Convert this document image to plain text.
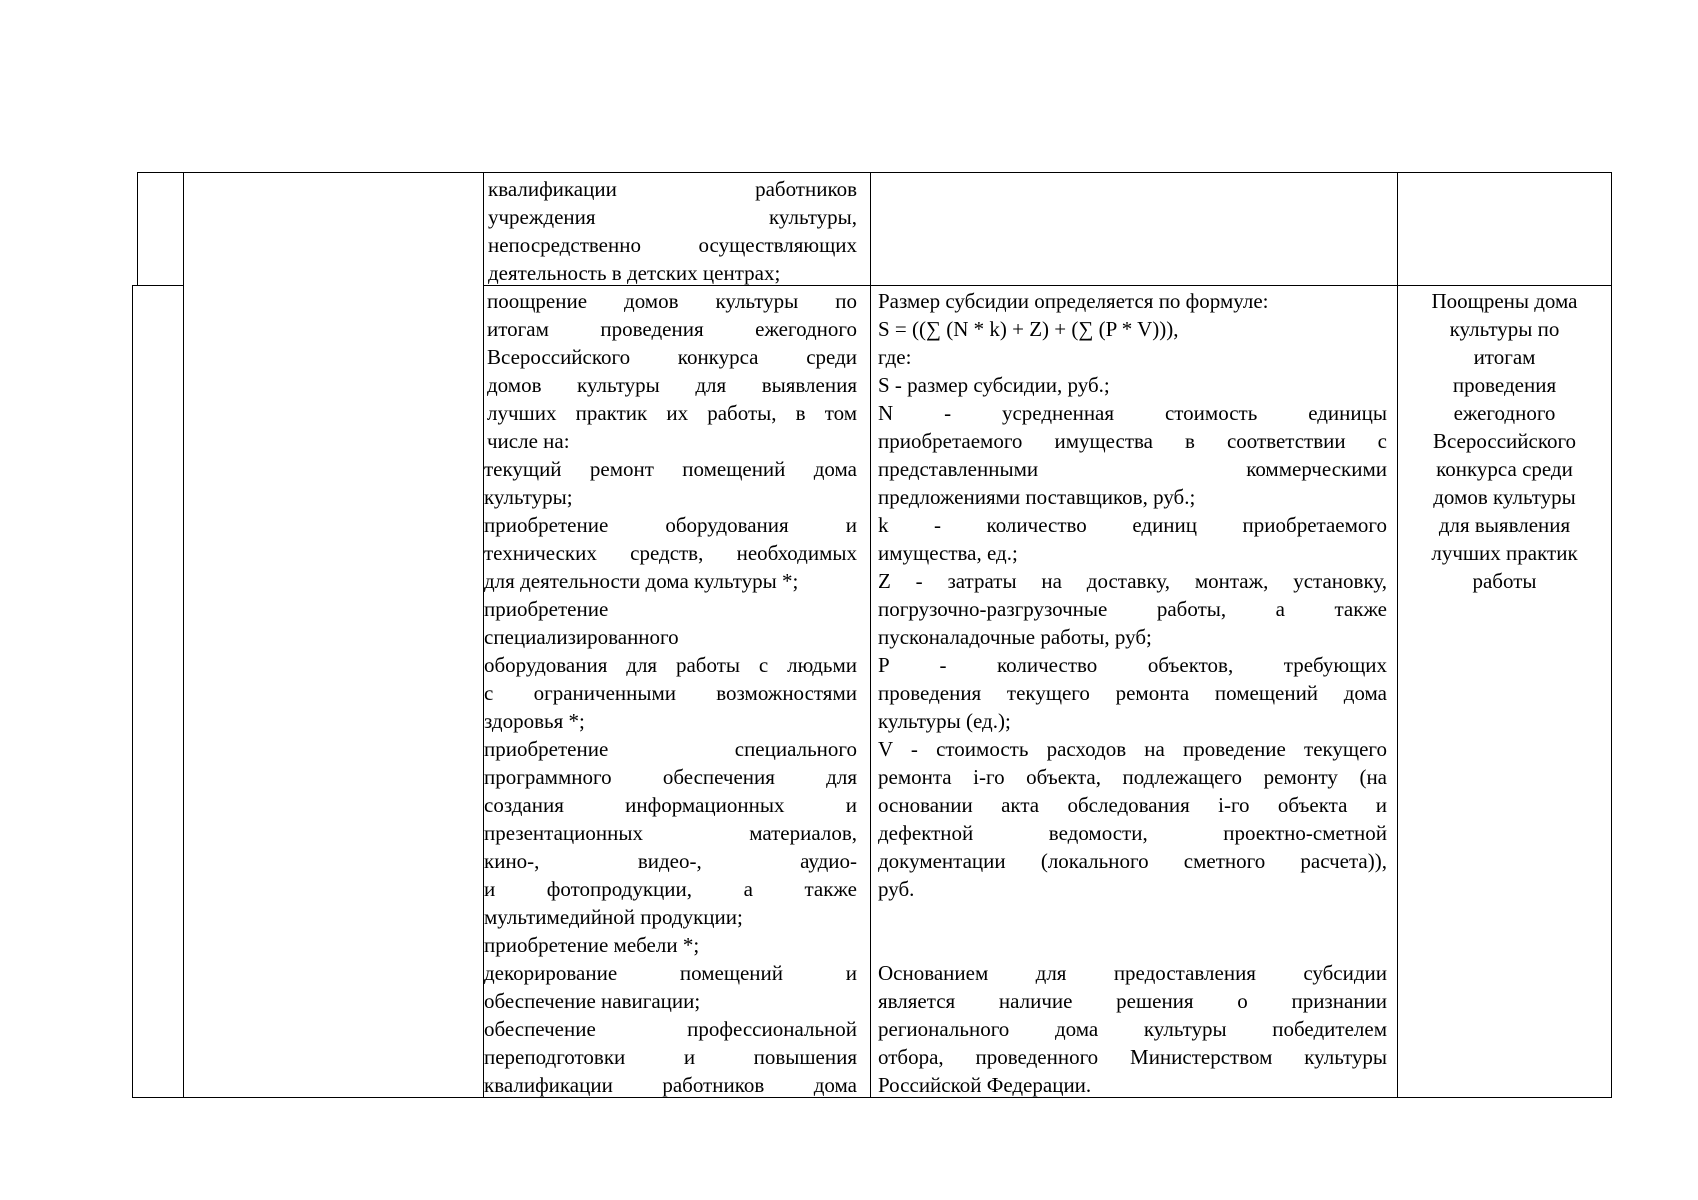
квалификации работников

учреждения культуры,

непосредственно осуществляющих

деятельность в детских центрах;

поощрение домов культуры по

итогам проведения ежегодного

Всероссийского конкурса среди

домов культуры для выявления

лучших практик их работы, в том

числе на:

текущий ремонт помещений дома

культуры;

приобретение оборудования и

технических средств, необходимых

для деятельности дома культуры *;

приобретение

специализированного

оборудования для работы с людьми

с ограниченными возможностями

здоровья *;

приобретение специального

программного обеспечения для

создания информационных и

презентационных материалов,

кино-, видео-, аудио-

и фотопродукции, а также

мультимедийной продукции;

приобретение мебели *;

декорирование помещений и

обеспечение навигации;

обеспечение профессиональной

переподготовки и повышения

квалификации работников дома

Размер субсидии определяется по формуле:

S = ((∑ (N * k) + Z) + (∑ (P * V))),

где:

S - размер субсидии, руб.;

N - усредненная стоимость единицы

приобретаемого имущества в соответствии с

представленными коммерческими

предложениями поставщиков, руб.;

k - количество единиц приобретаемого

имущества, ед.;

Z - затраты на доставку, монтаж, установку,

погрузочно-разгрузочные работы, а также

пусконаладочные работы, руб;

P - количество объектов, требующих

проведения текущего ремонта помещений дома

культуры (ед.);

V - стоимость расходов на проведение текущего

ремонта i-го объекта, подлежащего ремонту (на

основании акта обследования i-го объекта и

дефектной ведомости, проектно-сметной

документации (локального сметного расчета)),

руб.

Основанием для предоставления субсидии

является наличие решения о признании

регионального дома культуры победителем

отбора, проведенного Министерством культуры

Российской Федерации.

Поощрены дома

культуры по

итогам

проведения

ежегодного

Всероссийского

конкурса среди

домов культуры

для выявления

лучших практик

работы
